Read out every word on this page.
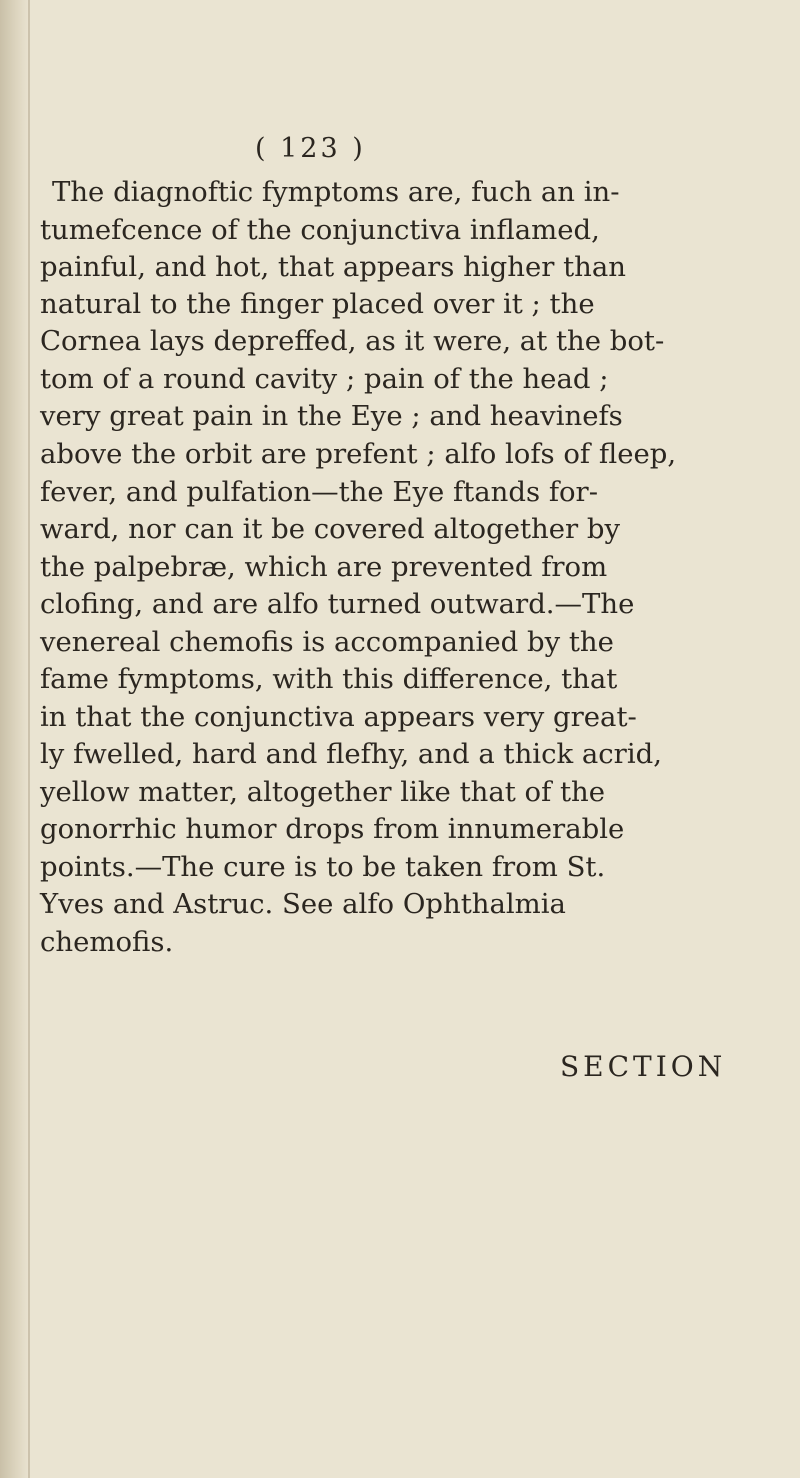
( 123 )
The diagnoftic fymptoms are, fuch an in-
tumefcence of the conjunctiva inflamed,
painful, and hot, that appears higher than
natural to the finger placed over it ; the
Cornea lays depreffed, as it were, at the bot-
tom of a round cavity ; pain of the head ;
very great pain in the Eye ; and heavinefs
above the orbit are prefent ; alfo lofs of fleep,
fever, and pulfation—the Eye ftands for-
ward, nor can it be covered altogether by
the palpebræ, which are prevented from
clofing, and are alfo turned outward.—The
venereal chemofis is accompanied by the
fame fymptoms, with this difference, that
in that the conjunctiva appears very great-
ly fwelled, hard and flefhy, and a thick acrid,
yellow matter, altogether like that of the
gonorrhic humor drops from innumerable
points.—The cure is to be taken from St.
Yves and Astruc. See alfo Ophthalmia
chemofis.
SECTION
